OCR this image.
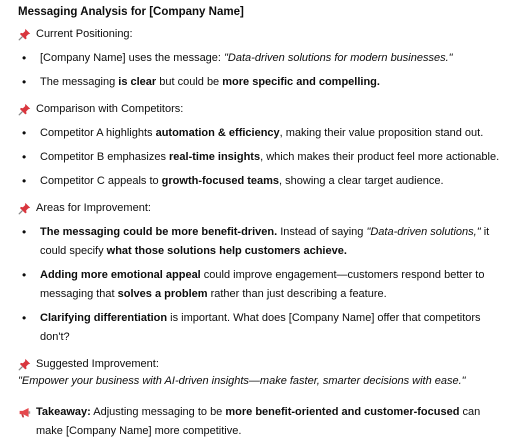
Messaging Analysis for [Company Name]
Current Positioning:
• [Company Name] uses the message: "Data-driven solutions for modern businesses."
• The messaging is clear but could be more specific and compelling.
Comparison with Competitors:
• Competitor A highlights automation & efficiency, making their value proposition stand out.
• Competitor B emphasizes real-time insights, which makes their product feel more actionable.
• Competitor C appeals to growth-focused teams, showing a clear target audience.
Areas for Improvement:
• The messaging could be more benefit-driven. Instead of saying "Data-driven solutions," it could specify what those solutions help customers achieve.
• Adding more emotional appeal could improve engagement—customers respond better to messaging that solves a problem rather than just describing a feature.
• Clarifying differentiation is important. What does [Company Name] offer that competitors don't?
Suggested Improvement:
"Empower your business with AI-driven insights—make faster, smarter decisions with ease."
Takeaway: Adjusting messaging to be more benefit-oriented and customer-focused can make [Company Name] more competitive.
